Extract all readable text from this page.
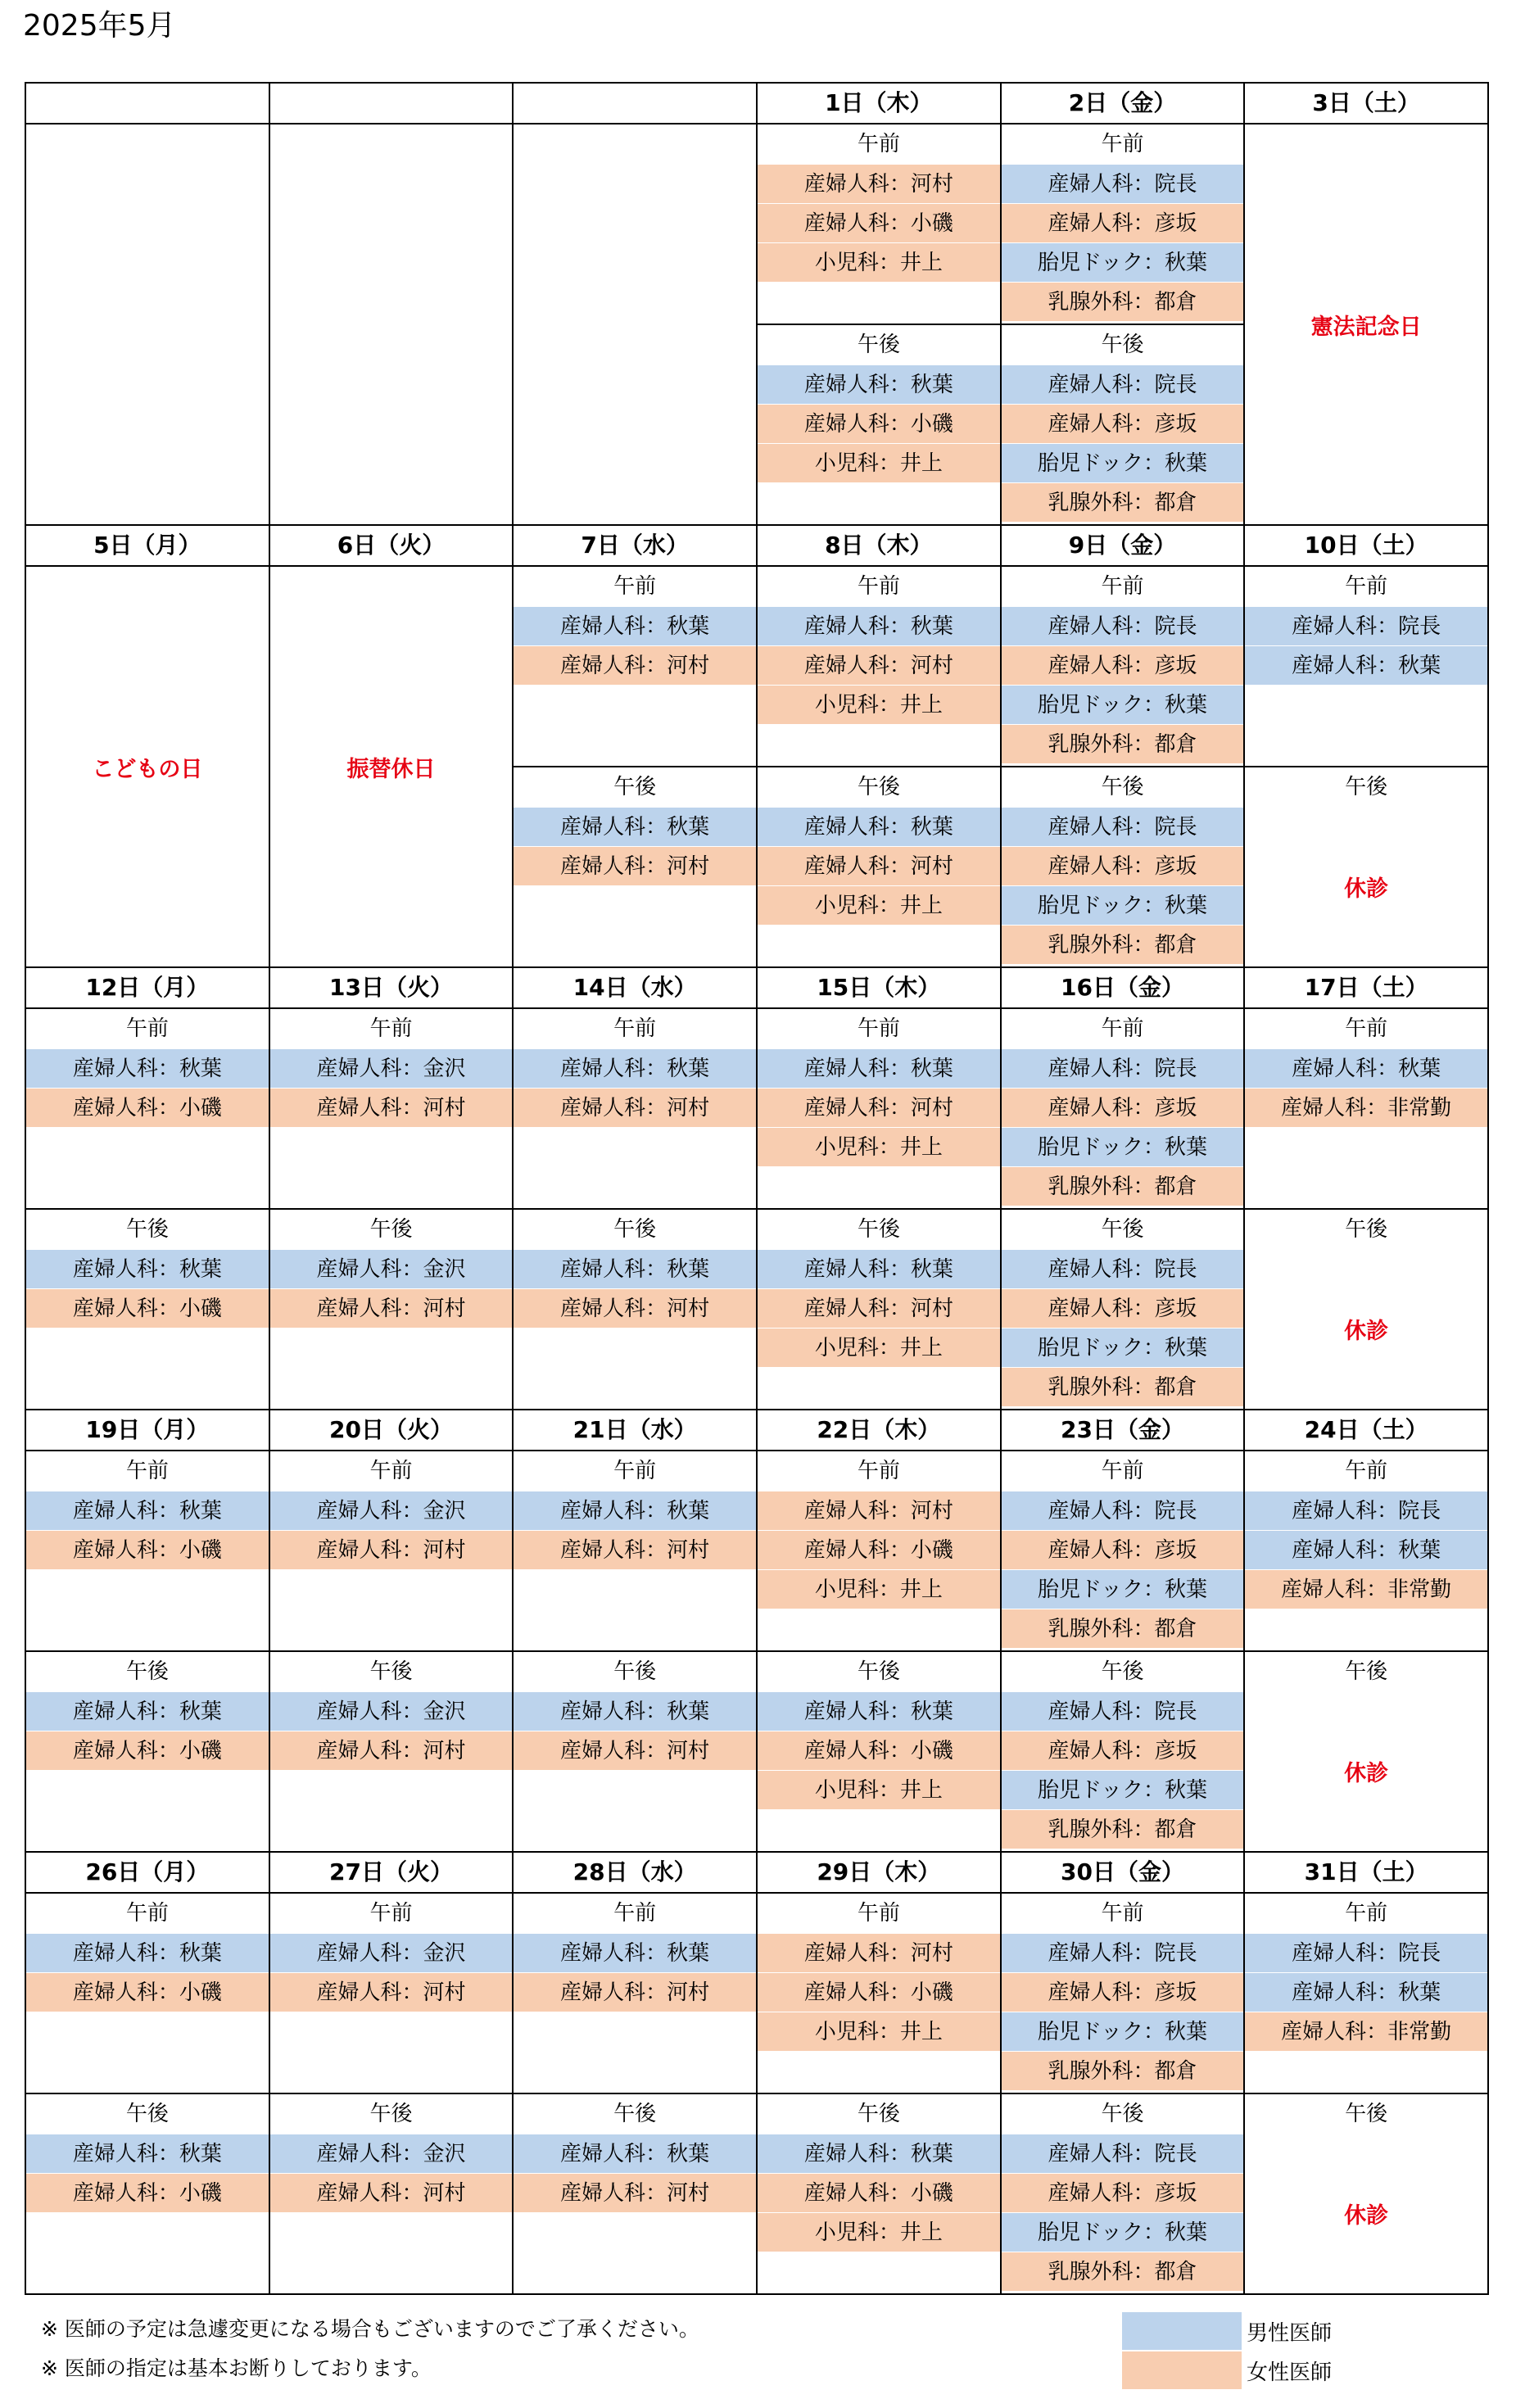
2025年5月
1日（木）
午前
産婦人科：河村
産婦人科：小磯
小児科：井上
午後
産婦人科：秋葉
産婦人科：小磯
小児科：井上
2日（金）
午前
産婦人科：院長
産婦人科：彦坂
胎児ドック：秋葉
乳腺外科：都倉
午後
産婦人科：院長
産婦人科：彦坂
胎児ドック：秋葉
乳腺外科：都倉
3日（土）
憲法記念日
5日（月）
こどもの日
6日（火）
振替休日
7日（水）
午前
産婦人科：秋葉
産婦人科：河村
午後
産婦人科：秋葉
産婦人科：河村
8日（木）
午前
産婦人科：秋葉
産婦人科：河村
小児科：井上
午後
産婦人科：秋葉
産婦人科：河村
小児科：井上
9日（金）
午前
産婦人科：院長
産婦人科：彦坂
胎児ドック：秋葉
乳腺外科：都倉
午後
産婦人科：院長
産婦人科：彦坂
胎児ドック：秋葉
乳腺外科：都倉
10日（土）
午前
産婦人科：院長
産婦人科：秋葉
午後
休診
12日（月）
午前
産婦人科：秋葉
産婦人科：小磯
午後
産婦人科：秋葉
産婦人科：小磯
13日（火）
午前
産婦人科：金沢
産婦人科：河村
午後
産婦人科：金沢
産婦人科：河村
14日（水）
午前
産婦人科：秋葉
産婦人科：河村
午後
産婦人科：秋葉
産婦人科：河村
15日（木）
午前
産婦人科：秋葉
産婦人科：河村
小児科：井上
午後
産婦人科：秋葉
産婦人科：河村
小児科：井上
16日（金）
午前
産婦人科：院長
産婦人科：彦坂
胎児ドック：秋葉
乳腺外科：都倉
午後
産婦人科：院長
産婦人科：彦坂
胎児ドック：秋葉
乳腺外科：都倉
17日（土）
午前
産婦人科：秋葉
産婦人科：非常勤
午後
休診
19日（月）
午前
産婦人科：秋葉
産婦人科：小磯
午後
産婦人科：秋葉
産婦人科：小磯
20日（火）
午前
産婦人科：金沢
産婦人科：河村
午後
産婦人科：金沢
産婦人科：河村
21日（水）
午前
産婦人科：秋葉
産婦人科：河村
午後
産婦人科：秋葉
産婦人科：河村
22日（木）
午前
産婦人科：河村
産婦人科：小磯
小児科：井上
午後
産婦人科：秋葉
産婦人科：小磯
小児科：井上
23日（金）
午前
産婦人科：院長
産婦人科：彦坂
胎児ドック：秋葉
乳腺外科：都倉
午後
産婦人科：院長
産婦人科：彦坂
胎児ドック：秋葉
乳腺外科：都倉
24日（土）
午前
産婦人科：院長
産婦人科：秋葉
産婦人科：非常勤
午後
休診
26日（月）
午前
産婦人科：秋葉
産婦人科：小磯
午後
産婦人科：秋葉
産婦人科：小磯
27日（火）
午前
産婦人科：金沢
産婦人科：河村
午後
産婦人科：金沢
産婦人科：河村
28日（水）
午前
産婦人科：秋葉
産婦人科：河村
午後
産婦人科：秋葉
産婦人科：河村
29日（木）
午前
産婦人科：河村
産婦人科：小磯
小児科：井上
午後
産婦人科：秋葉
産婦人科：小磯
小児科：井上
30日（金）
午前
産婦人科：院長
産婦人科：彦坂
胎児ドック：秋葉
乳腺外科：都倉
午後
産婦人科：院長
産婦人科：彦坂
胎児ドック：秋葉
乳腺外科：都倉
31日（土）
午前
産婦人科：院長
産婦人科：秋葉
産婦人科：非常勤
午後
休診
※ 医師の予定は急遽変更になる場合もございますのでご了承ください。
※ 医師の指定は基本お断りしております。
男性医師
女性医師
